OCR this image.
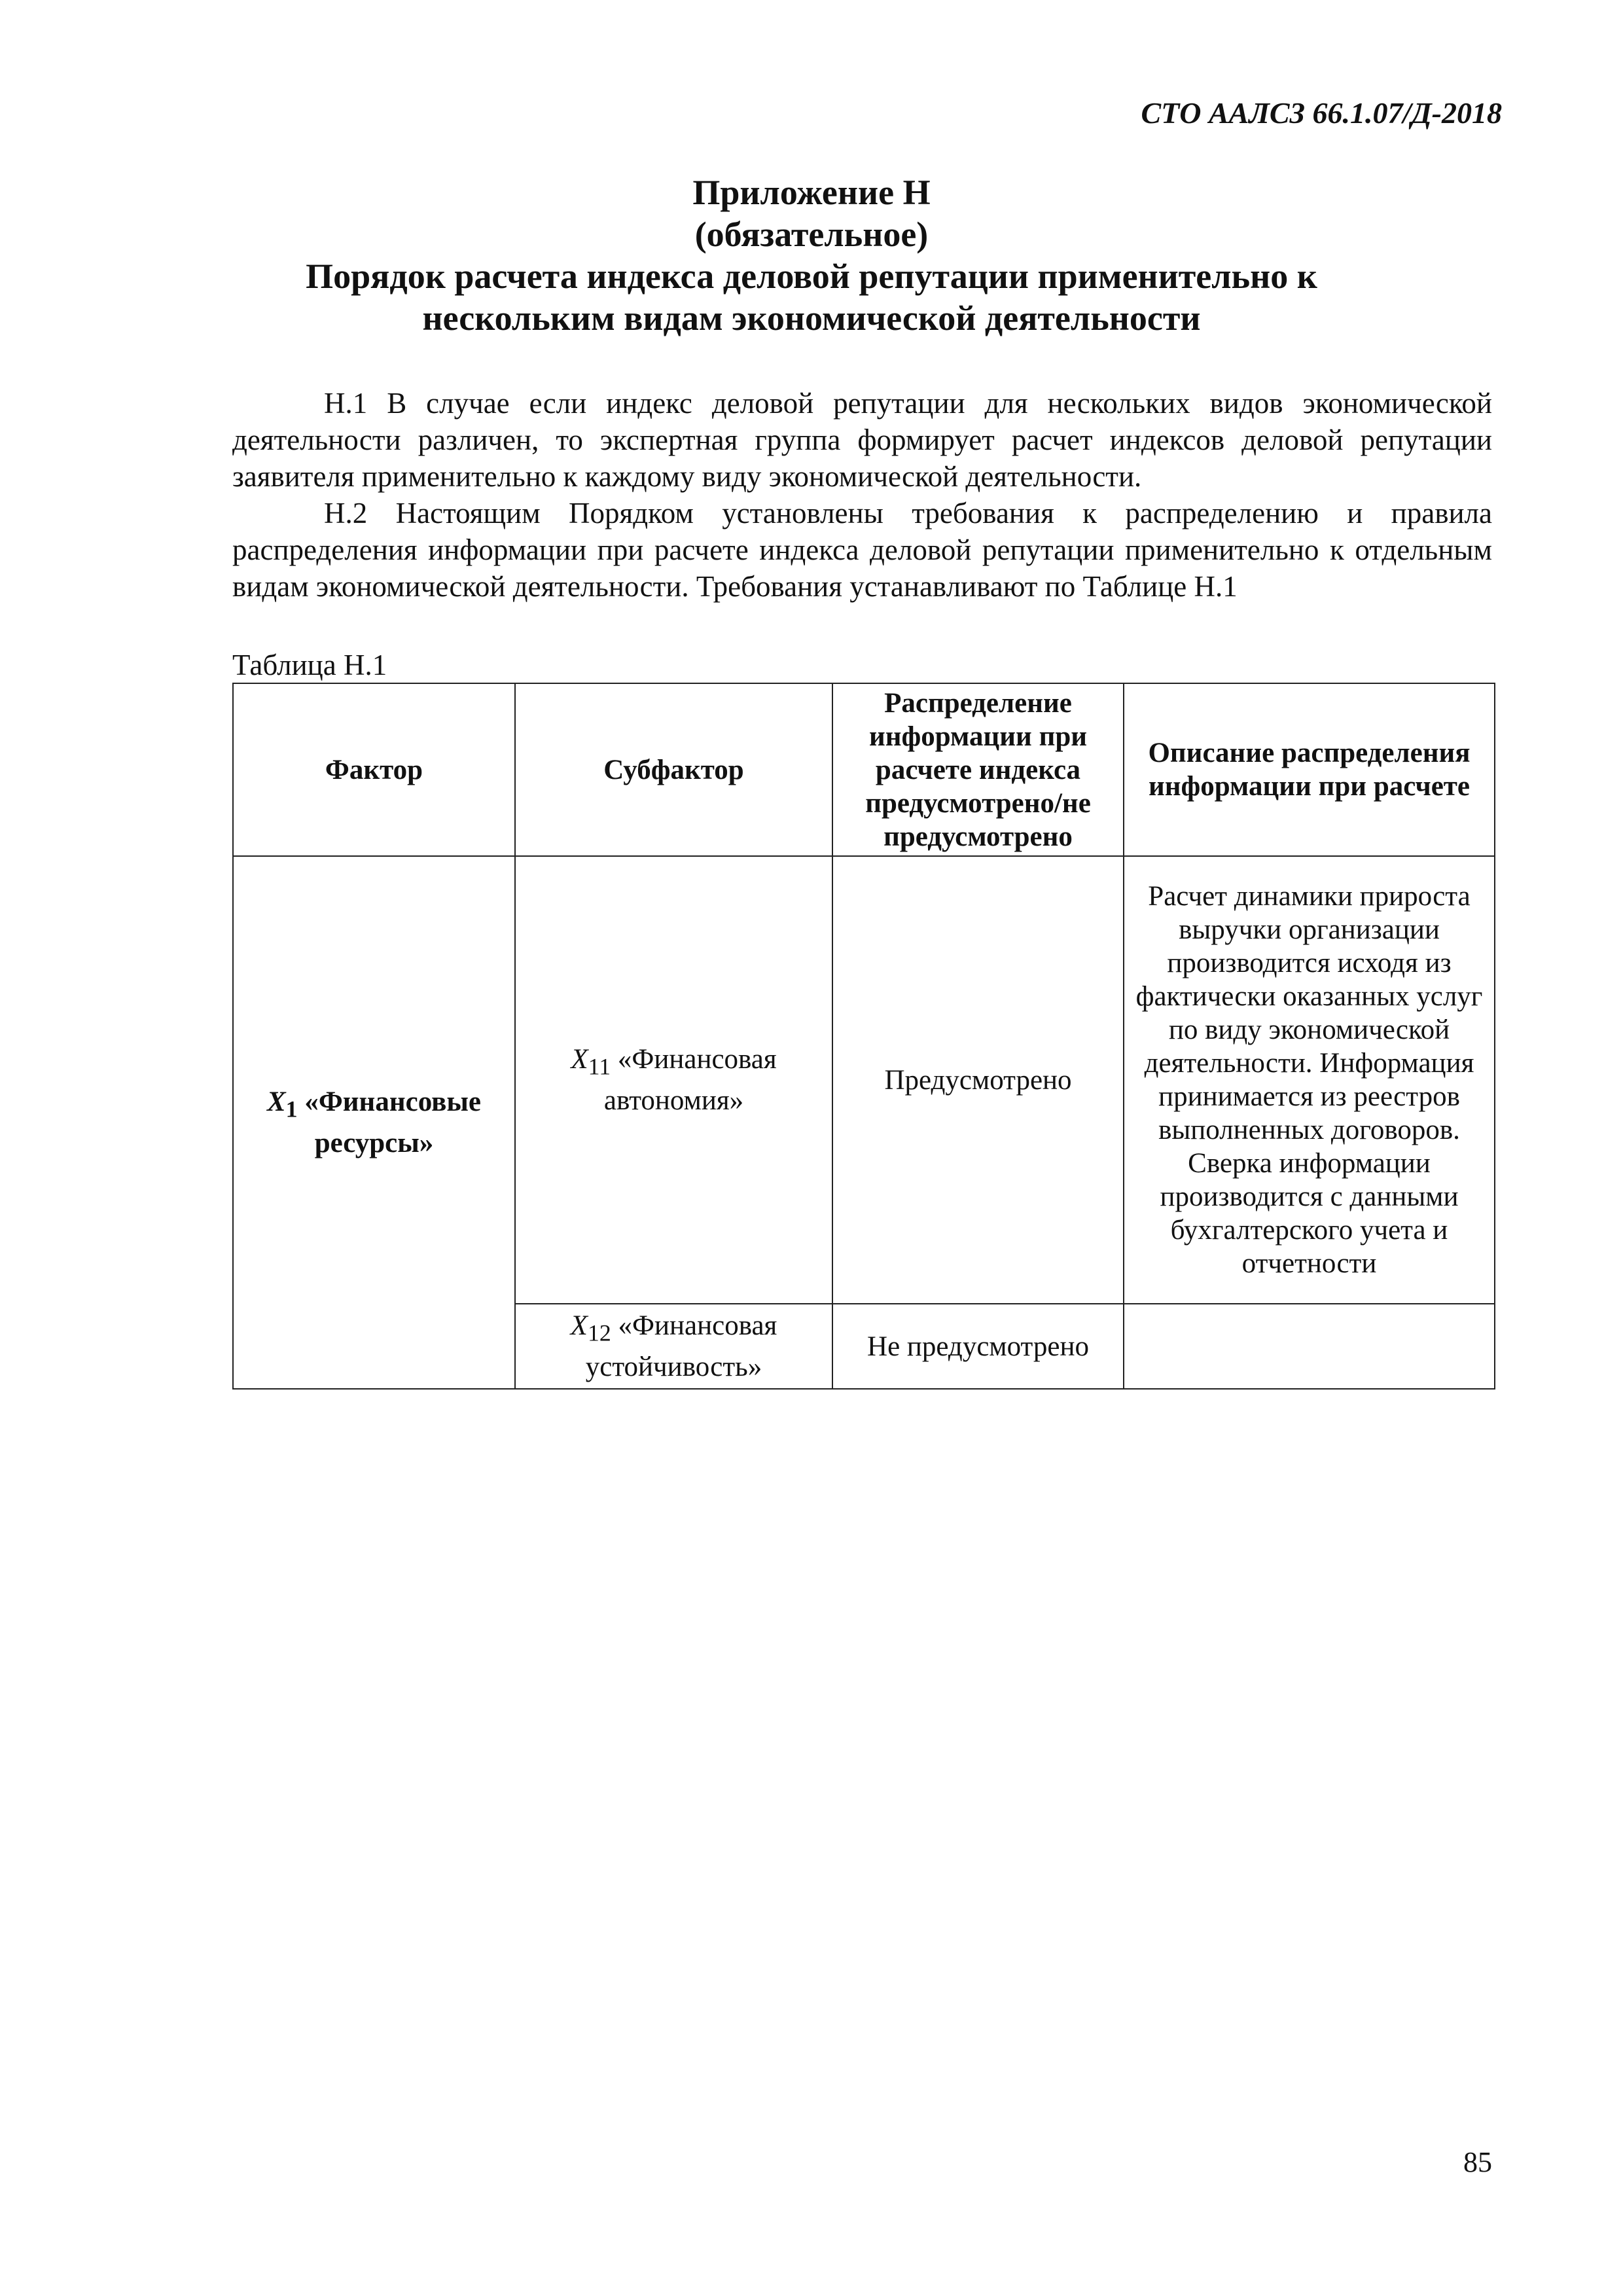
СТО ААЛСЗ 66.1.07/Д-2018

Приложение Н
(обязательное)
Порядок расчета индекса деловой репутации применительно к
нескольким видам экономической деятельности

Н.1 В случае если индекс деловой репутации для нескольких видов экономической деятельности различен, то экспертная группа формирует расчет индексов деловой репутации заявителя применительно к каждому виду экономической деятельности.

Н.2 Настоящим Порядком установлены требования к распределению и правила распределения информации при расчете индекса деловой репутации применительно к отдельным видам экономической деятельности. Требования устанавливают по Таблице Н.1

Таблица Н.1

Фактор	Субфактор	Распределение информации при расчете индекса предусмотрено/не предусмотрено	Описание распределения информации при расчете
$X_1$ «Финансовые ресурсы»	$X_{11}$ «Финансовая автономия»	Предусмотрено	Расчет динамики прироста выручки организации производится исходя из фактически оказанных услуг по виду экономической деятельности. Информация принимается из реестров выполненных договоров. Сверка информации производится с данными бухгалтерского учета и отчетности
	$X_{12}$ «Финансовая устойчивость»	Не предусмотрено	

85
